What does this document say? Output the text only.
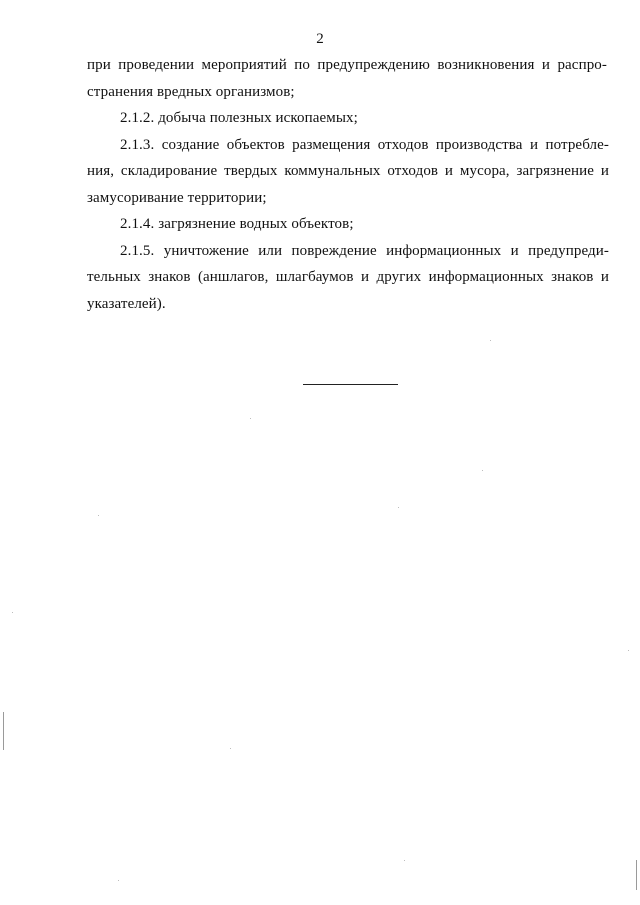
2
при проведении мероприятий по предупреждению возникновения и распро-
странения вредных организмов;
2.1.2. добыча полезных ископаемых;
2.1.3. создание объектов размещения отходов производства и потребле-
ния, складирование твердых коммунальных отходов и мусора, загрязнение и
замусоривание территории;
2.1.4. загрязнение водных объектов;
2.1.5. уничтожение или повреждение информационных и предупреди-
тельных знаков (аншлагов, шлагбаумов и других информационных знаков и
указателей).
